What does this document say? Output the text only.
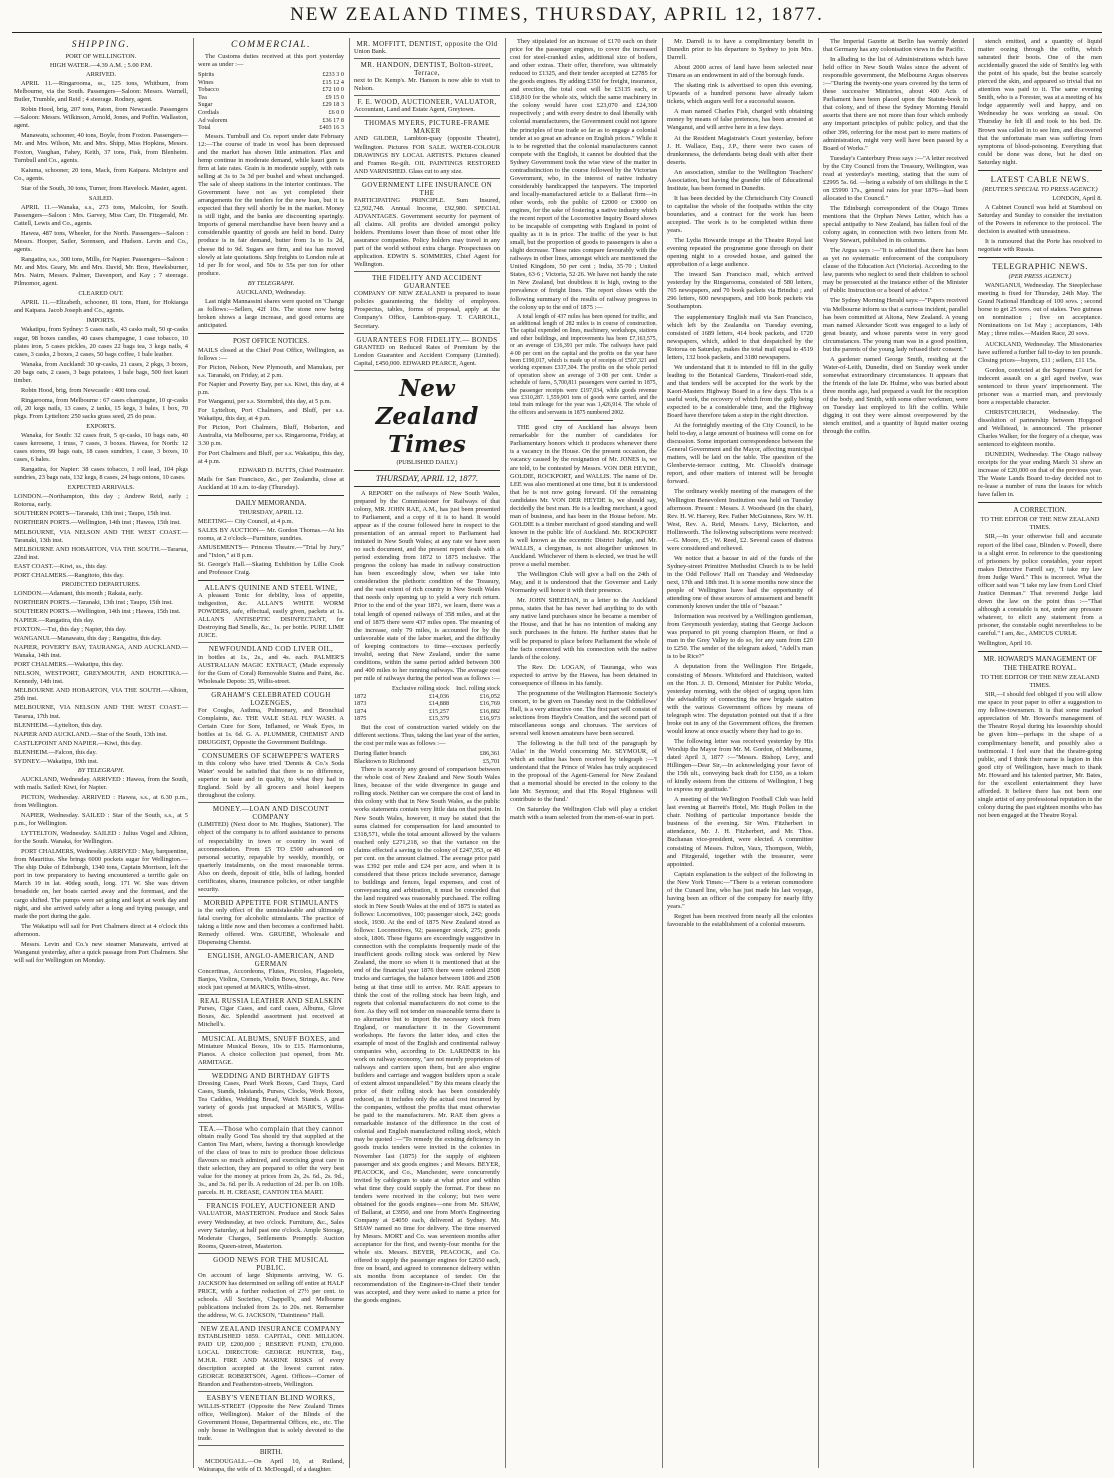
NEW ZEALAND TIMES, THURSDAY, APRIL 12, 1877.
SHIPPING.
PORT OF WELLINGTON.
HIGH WATER.—4.39 A.M. ; 5.00 P.M.
ARRIVED.

APRIL 11.—Ringarooma, ss., 125 tons, Whitburn, from Melbourne, via the South. Passengers—Saloon: Messrs. Warnell, Butler, Trumble, and Reid ; 4 steerage. Rodney, agent.

Robin Hood, brig, 207 tons, Paton, from Newcastle. Passengers—Saloon: Messrs. Wilkinson, Arnold, Jones, and Poffin. Wallaston, agent.

Manawatu, schooner, 40 tons, Boyle, from Foxton. Passengers—Mr. and Mrs. Wilson, Mr. and Mrs. Shipp, Miss Hopkins, Messrs. Foxton, Vaughan, Fahey, Keith, 37 tons, Fisk, from Blenheim. Turnbull and Co., agents.

Kaiuma, schooner, 20 tons, Mack, from Kaipara. McIntyre and Co., agents.

Star of the South, 30 tons, Turner, from Havelock. Master, agent.

SAILED.

APRIL 11.—Wanaka, s.s., 273 tons, Malcolm, for South. Passengers—Saloon : Mrs. Garvey, Miss Carr, Dr. Fitzgerald, Mr. Cattell, Lewis and Co., agents.

Hawea, 487 tons, Wheeler, for the North. Passengers—Saloon : Messrs. Hooper, Sailer, Sorensen, and Hudson. Levin and Co., agents.

Rangatira, s.s., 300 tons, Mills, for Napier. Passengers—Saloon : Mr. and Mrs. Geary, Mr. and Mrs. David, Mr. Bros, Hawksburner, Mrs. Nairn, Messrs. Palmer, Davenport, and Kay ; 7 steerage. Pilmomor, agent.

CLEARED OUT.

APRIL 11.—Elizabeth, schooner, 81 tons, Hunt, for Hokianga and Kaipara. Jacob Joseph and Co., agents.

IMPORTS.

Wakatipu, from Sydney: 5 cases nails, 43 casks malt, 50 qr-casks sugar, 98 boxes candles, 40 cases champagne, 1 case tobacco, 10 plates iron, 5 cases pickles, 20 cases 22 bags tea, 3 kegs nails, 4 cases, 3 casks, 2 boxes, 2 cases, 50 bags coffee, 1 bale leather.

Wanaka, from Auckland: 30 qr-casks, 21 cases, 2 pkgs, 3 boxes, 20 bags oats, 2 cases, 3 bags potatoes, 1 bale bags, 500 feet kauri timber.

Robin Hood, brig, from Newcastle : 400 tons coal.

Ringarooma, from Melbourne : 67 cases champagne, 10 qr-casks oil, 20 kegs nails, 13 cases, 2 tanks, 15 kegs, 3 bales, 1 box, 70 pkgs. From Lyttelton: 250 sacks grass seed, 25 do peas.

EXPORTS.

Wanaka, for South: 32 cases fruit, 5 qr-casks, 10 bags oats, 40 cases kerosene, 1 truss, 7 cases, 3 boxes. Hawea, for North: 12 cases stores, 99 bags oats, 18 cases sundries, 1 case, 3 boxes, 10 cases, 6 bales.

Rangatira, for Napier: 38 cases tobacco, 1 roll lead, 104 pkgs sundries, 23 bags oats, 132 kegs, 8 cases, 24 bags onions, 10 cases.

EXPECTED ARRIVALS.

LONDON.—Northampton, this day ; Andrew Reid, early ; Rotorua, early.

SOUTHERN PORTS—Taranaki, 13th inst ; Taupo, 15th inst.

NORTHERN PORTS.—Wellington, 14th inst ; Hawea, 15th inst.

MELBOURNE, VIA NELSON AND THE WEST COAST.—Taranaki, 13th inst.

MELBOURNE AND HOBARTON, VIA THE SOUTH.—Tararua, 22nd inst.

EAST COAST.—Kiwi, ss., this day.

PORT CHALMERS.—Rangitoto, this day.

PROJECTED DEPARTURES.

LONDON.—Adamant, this month ; Rakaia, early.

NORTHERN PORTS.—Taranaki, 13th inst ; Taupo, 15th inst.

SOUTHERN PORTS.—Wellington, 14th inst ; Hawea, 15th inst.

NAPIER.—Rangatira, this day.

FOXTON.—Tui, this day ; Napier, this day.

WANGANUI.—Manawatu, this day ; Rangatira, this day.

NAPIER, POVERTY BAY, TAURANGA, AND AUCKLAND.—Wanaka, 14th inst.

PORT CHALMERS.—Wakatipu, this day.

NELSON, WESTPORT, GREYMOUTH, AND HOKITIKA.—Kennedy, 14th inst.

MELBOURNE AND HOBARTON, VIA THE SOUTH.—Albion, 25th inst.

MELBOURNE, VIA NELSON AND THE WEST COAST.—Tararua, 17th inst.

BLENHEIM.—Lyttelton, this day.

NAPIER AND AUCKLAND.—Star of the South, 13th inst.

CASTLEPOINT AND NAPIER.—Kiwi, this day.

BLENHEIM.—Falcon, this day.

SYDNEY.—Wakatipu, 19th inst.

BY TELEGRAPH.

AUCKLAND, Wednesday. ARRIVED : Hawea, from the South, with mails. Sailed: Kiwi, for Napier.

PICTON, Wednesday. ARRIVED : Hawea, s.s., at 6.30 p.m., from Wellington.

NAPIER, Wednesday. SAILED : Star of the South, s.s., at 5 p.m., for Wellington.

LYTTELTON, Wednesday. SAILED : Julius Vogel and Albion, for the South. Wanaka, for Wellington.

PORT CHALMERS, Wednesday. ARRIVED : May, barquentine, from Mauritius. She brings 6000 pockets sugar for Wellington.—The ship Duke of Edinburgh, 1340 tons, Captain Morrison, left the port in tow preparatory to having encountered a terrific gale on March 19 in lat. 40deg south, long. 171 W. She was driven broadside on, her boats carried away and the foremast, and the cargo shifted. The pumps were set going and kept at work day and night, and she arrived safely after a long and trying passage, and made the port during the gale.

The Wakatipu will sail for Port Chalmers direct at 4 o'clock this afternoon.

Messrs. Levin and Co.'s new steamer Manawatu, arrived at Wanganui yesterday, after a quick passage from Port Chalmers. She will sail for Wellington on Monday.

COMMERCIAL.

The Customs duties received at this port yesterday were as under :—

Spirits	£233 3 0
Wines	£15 12 4
Tobacco	£72 10 0
Tea	£9 15 0
Sugar	£29 18 3
Cordials	£6 0 0
Ad valorem	£36 17 8
Total	£403 16 3

Messrs. Turnbull and Co. report under date February 12:—The course of trade in wool has been depressed and the market has shown little animation. Flax and hemp continue in moderate demand, while kauri gum is firm at late rates. Grain is in moderate supply, with oats selling at 3s to 3s 3d per bushel and wheat unchanged. The sale of sheep stations in the interior continues. The Government have not as yet completed their arrangements for the tenders for the new loan, but it is expected that they will shortly be in the market. Money is still tight, and the banks are discounting sparingly. Imports of general merchandise have been heavy and a considerable quantity of goods are held in bond. Dairy produce is in fair demand, butter from 1s to 1s 2d, cheese 8d to 9d. Sugars are firm, and tea has moved slowly at late quotations. Ship freights to London rule at 1d per lb for wool, and 50s to 55s per ton for other produce.

BY TELEGRAPH.
AUCKLAND, Wednesday.

Last night Mannassini shares were quoted on 'Change as follows:—Sellers, 42f 10s. The stone now being broken shows a large increase, and good returns are anticipated.

POST OFFICE NOTICES.

MAILS closed at the Chief Post Office, Wellington, as follows :—

For Picton, Nelson, New Plymouth, and Manukau, per s.s. Taranaki, on Friday, at 2 p.m.

For Napier and Poverty Bay, per s.s. Kiwi, this day, at 4 p.m.

For Wanganui, per s.s. Stormbird, this day, at 5 p.m.

For Lyttelton, Port Chalmers, and Bluff, per s.s. Wakatipu, this day, at 4 p.m.

For Picton, Port Chalmers, Bluff, Hobarton, and Australia, via Melbourne, per s.s. Ringarooma, Friday, at 3.30 p.m.

For Port Chalmers and Bluff, per s.s. Wakatipu, this day, at 4 p.m.

EDWARD D. BUTTS, Chief Postmaster.

Mails for San Francisco, &c., per Zealandia, close at Auckland at 10 a.m. to-day (Thursday).

DAILY MEMORANDA.
THURSDAY, APRIL 12.

MEETING— City Council, at 4 p.m.

SALES BY AUCTION— Mr. Gordon Thomas.—At his rooms, at 2 o'clock—Furniture, sundries.

AMUSEMENTS— Princess Theatre.—"Trial by Jury," and "Ixion," at 8 p.m.

St. George's Hall.—Skating Exhibition by Lillie Cook and Professor Craig.

ALLAN'S QUININE AND STEEL WINE,
A pleasant Tonic for debility, loss of appetite, indigestion, &c. ALLAN'S WHITE WORM POWDERS, safe, effectual, easily given, packets at 1s. ALLAN'S ANTISEPTIC DISINFECTANT, for Destroying Bad Smells, &c., 1s. per bottle. PURE LIME JUICE.
NEWFOUNDLAND COD LIVER OIL,
in bottles at 1s., 2s., and 4s. each. PALMER'S AUSTRALIAN MAGIC EXTRACT, (Made expressly for the Gum of Coral) Removable Stains and Paint, &c. Wholesale Depots: 35, Willis-street.
GRAHAM'S CELEBRATED COUGH LOZENGES,
For Coughs, Asthma, Pulmonary, and Bronchial Complaints, &c. THE VALE SEAL FLY WASH. A Certain Cure for Sore, Inflamed, or Weak Eyes, in bottles at 1s. 6d. G. A. PLUMMER, CHEMIST AND DRUGGIST, Opposite the Government Buildings.
CONSUMERS OF SCHWEPPE'S WATERS
in this colony who have tried 'Dennis & Co.'s Soda Water' would be satisfied that there is no difference, superior in taste and in quality, to what they had in England. Sold by all grocers and hotel keepers throughout the colony.
MONEY.—LOAN AND DISCOUNT COMPANY
(LIMITED) (Next door to Mr. Hughes, Stationer). The object of the company is to afford assistance to persons of respectability in town or country in want of accommodation. From £5 TO £500 advanced on personal security, repayable by weekly, monthly, or quarterly instalments, on the most reasonable terms. Also on deeds, deposit of title, bills of lading, bonded certificates, shares, insurance policies, or other tangible security.
MORBID APPETITE FOR STIMULANTS
is the only effect of the unmistakeable and ultimately fatal craving for alcoholic stimulants. The practice of taking a little now and then becomes a confirmed habit. Remedy offered. Wm. GRUEBE, Wholesale and Dispensing Chemist.
ENGLISH, ANGLO-AMERICAN, AND GERMAN
Concertinas, Accordeons, Flutes, Piccolos, Flageolets, Banjos, Violins, Cornets, Violin Bows, Strings, &c. New stock just opened at MARK'S, Willis-street.
REAL RUSSIA LEATHER AND SEALSKIN
Purses, Cigar Cases, and card cases, Albums, Glove Boxes, &c. Splendid assortment just received at Mitchell's.
MUSICAL ALBUMS, SNUFF BOXES, and
Miniature Musical Boxes, 10s to £15. Harmoniums, Pianos. A choice collection just opened, from Mr. ARMITAGE.
WEDDING AND BIRTHDAY GIFTS
Dressing Cases, Pearl Work Boxes, Card Trays, Card Cases, Stands, Inkstands, Purses, Clocks, Work Boxes, Tea Caddies, Wedding Bread, Watch Stands. A great variety of goods just unpacked at MARK'S, Willis-street.
TEA.—Those who complain that they cannot
obtain really Good Tea should try that supplied at the Canton Tea Mart, where, having a thorough knowledge of the class of teas to mix to produce those delicious flavours so much admired, and exercising great care in their selection, they are prepared to offer the very best value for the money at prices from 2s, 2s. 6d., 2s. 9d., 3s., and 3s. 6d. per lb. A reduction of 2d. per lb. on 10lb. parcels. H. H. CREASE, CANTON TEA MART.
FRANCIS FOLEY, AUCTIONEER AND
VALUATOR, MASTERTON. Produce and Stock Sales every Wednesday, at two o'clock. Furniture, &c., Sales every Saturday, at half past one o'clock. Ample Storage, Moderate Charges, Settlements Promptly. Auction Rooms, Queen-street, Masterton.
GOOD NEWS FOR THE MUSICAL PUBLIC.
On account of large Shipments arriving, W. G. JACKSON has determined on selling off entire at HALF PRICE, with a further reduction of 27½ per cent. to schools. All Societies, Chappell's, and Melbourne publications included from 2s. to 20s. net. Remember the address, W. G. JACKSON, "Daintiness" Hall.
NEW ZEALAND INSURANCE COMPANY
ESTABLISHED 1859. CAPITAL, ONE MILLION. PAID UP, £200,000 ; RESERVE FUND, £70,000. LOCAL DIRECTOR: GEORGE HUNTER, Esq., M.H.R. FIRE AND MARINE RISKS of every description accepted at the lowest current rates. GEORGE ROBERTSON, Agent. Offices—Corner of Brandon and Featherston-streets, Wellington.
EASBY'S VENETIAN BLIND WORKS,
WILLIS-STREET (Opposite the New Zealand Times office, Wellington). Maker of the Blinds of the Government House, Departmental Offices, etc., etc. The only house in Wellington that is solely devoted to the trade.
BIRTH.

MCDOUGALL.—On April 10, at Rutland, Wairarapa, the wife of D. McDougall, of a daughter.

MR. MOFFITT, DENTIST, opposite the Old
Union Bank.
MR. HANDON, DENTIST, Bolton-street, Terrace,
next to Dr. Kemp's. Mr. Hanson is now able to visit to Nelson.
F. E. WOOD, AUCTIONEER, VALUATOR,
Accountant, Land and Estate Agent, Greytown.
THOMAS MYERS, PICTURE-FRAME MAKER
AND GILDER, Lambton-quay (opposite Theatre), Wellington. Pictures FOR SALE. WATER-COLOUR DRAWINGS BY LOCAL ARTISTS. Pictures cleaned and Frames Re-gilt. OIL PAINTINGS RESTORED AND VARNISHED. Glass cut to any size.
GOVERNMENT LIFE INSURANCE ON THE
PARTICIPATING PRINCIPLE. Sum Insured, £2,502,748. Annual Income, £92,980. SPECIAL ADVANTAGES. Government security for payment of all claims. All profits are divided amongst policy holders. Premiums lower than those of most other life assurance companies. Policy holders may travel in any part of the world without extra charge. Prospectuses on application. EDWIN S. SOMMERS, Chief Agent for Wellington.
THE FIDELITY AND ACCIDENT GUARANTEE
COMPANY OF NEW ZEALAND is prepared to issue policies guaranteeing the fidelity of employees. Prospectus, tables, forms of proposal, apply at the Company's Office, Lambton-quay. T. CARROLL, Secretary.
GUARANTEES FOR FIDELITY.— BONDS
GRANTED on Reduced Rates of Premium by the London Guarantee and Accident Company (Limited). Capital, £450,000. EDWARD PEARCE, Agent.
New Zealand Times
(PUBLISHED DAILY.)
THURSDAY, APRIL 12, 1877.

A REPORT on the railways of New South Wales, prepared by the Commissioner for Railways of that colony, MR. JOHN RAE, A.M., has just been presented to Parliament, and a copy of it is to hand. It would appear as if the course followed here in respect to the presentation of an annual report to Parliament had imitated in New South Wales; at any rate we have seen no such document, and the present report deals with a period extending from 1872 to 1875 inclusive. The progress the colony has made in railway construction has been exceedingly slow, when we take into consideration the plethoric condition of the Treasury, and the vast extent of rich country in New South Wales that needs only opening up to yield a very rich return. Prior to the end of the year 1871, we learn, there was a total length of opened railways of 358 miles, and at the end of 1875 there were 437 miles open. The meaning of the increase, only 79 miles, is accounted for by the unfavorable state of the labor market, and the difficulty of keeping contractors to time—excuses perfectly invalid, seeing that New Zealand, under the same conditions, within the same period added between 300 and 400 miles to her running railways. The average cost per mile of railways during the period was as follows :—

Exclusive rolling stock	Incl. rolling stock
1872	£14,036	£16,052
1873	£14,888	£16,769
1874	£15,257	£16,882
1875	£15,379	£16,973

But the cost of construction varied widely on the different sections. Thus, taking the last year of the series, the cost per mile was as follows :—

During flatter branch	£86,361
Blacktown to Richmond	£5,701

There is scarcely any ground of comparison between the whole cost of New Zealand and New South Wales lines, because of the wide divergence in gauge and rolling stock. Neither can we compare the cost of land in this colony with that in New South Wales, as the public works statements contain very little data on that point. In New South Wales, however, it may be stated that the sums claimed for compensation for land amounted to £318,571, while the total amount allowed by the valuers reached only £271,218, so that the variance on the claims effected a saving to the colony of £247,353, or 48 per cent. on the amount claimed. The average price paid was £392 per mile and £24 per acre, and when it is considered that these prices include severance, damage to buildings and fences, legal expenses, and cost of conveyancing and arbitration, it must be conceded that the land required was reasonably purchased. The rolling stock in New South Wales at the end of 1875 is stated as follows: Locomotives, 100; passenger stock, 242; goods stock, 1930. At the end of 1875 New Zealand stood as follows: Locomotives, 92; passenger stock, 275; goods stock, 1806. These figures are exceedingly suggestive in connection with the complaints frequently made of the insufficient goods rolling stock was ordered by New Zealand, the more so when it is mentioned that at the end of the financial year 1876 there were ordered 2508 trucks and carriages, the balance between 1806 and 2508 being at that time still to arrive. Mr. RAE appears to think the cost of the rolling stock has been high, and regrets that colonial manufacturers do not come to the fore. As they will not tender on reasonable terms there is no alternative but to import the necessary stock from England, or manufacture it in the Government workshops. He favors the latter idea, and cites the example of most of the English and continental railway companies who, according to Dr. LARDNER in his work on railway economy, "are not merely proprietors of railways and carriers upon them, but are also engine builders and carriage and waggon builders upon a scale of extent almost unparalleled." By this means clearly the price of their rolling stock has been considerably reduced, as it includes only the actual cost incurred by the companies, without the profits that must otherwise be paid to the manufacturers. Mr. RAE then gives a remarkable instance of the difference in the cost of colonial and English manufactured rolling stock, which may be quoted :—"To remedy the existing deficiency in goods trucks tenders were invited in the colonies in November last (1875) for the supply of eighteen passenger and six goods engines ; and Messrs. BEYER, PEACOCK, and Co., Manchester, were concurrently invited by cablegram to state at what price and within what time they could supply the format. For these no tenders were received in the colony; but two were obtained for the goods engines—one from Mr. SHAW, of Ballarat, at £3950, and one from Mort's Engineering Company at £4050 each, delivered at Sydney. Mr. SHAW named no time for delivery. The time reserved by Messrs. MORT and Co. was seventeen months after acceptance for the first, and twenty-four months for the whole six. Messrs. BEYER, PEACOCK, and Co. offered to supply the passenger engines for £2650 each, free on board, and agreed to commence delivery within six months from acceptance of tender. On the recommendation of the Engineer-in-Chief their tender was accepted, and they were asked to name a price for the goods engines.

They stipulated for an increase of £170 each on their price for the passenger engines, to cover the increased cost for steel-cranked axles, additional size of boilers, and other extras. Their offer, therefore, was ultimately reduced to £1325, and their tender accepted at £2785 for the goods engines. By adding £350 for freight, insurance, and erection, the total cost will be £3135 each, or £18,810 for the whole six, which the same machinery in the colony would have cost £23,070 and £24,300 respectively ; and with every desire to deal liberally with colonial manufacturers, the Government could not ignore the principles of true trade so far as to engage a colonial tender at so great an advance on English prices." While it is to be regretted that the colonial manufacturers cannot compete with the English, it cannot be doubted that the Sydney Government took the wise view of the matter in contradistinction to the course followed by the Victorian Government, who, in the interest of native industry considerably handicapped the taxpayers. The imported and locally-manufactured article to a Ballarat firm—in other words, rob the public of £2000 or £3000 on engines, for the sake of fostering a native industry which the recent report of the Locomotive Inquiry Board shows to be incapable of competing with England in point of quality as it is in price. The traffic of the year is but small, but the proportion of goods to passengers is also a slight decrease. These rates compare favourably with the railways in other lines, amongst which are mentioned the United Kingdom, 50 per cent ; India, 35·70 ; United States, 63·6 ; Victoria, 52·26. We have not handy the rate in New Zealand, but doubtless it is high, owing to the prevalence of freight lines. The report closes with the following summary of the results of railway progress in the colony up to the end of 1875 :—

A total length of 437 miles has been opened for traffic, and an additional length of 282 miles is in course of construction. The capital expended on lines, machinery, workshops, stations and other buildings, and improvements has been £7,163,575, or an average of £16,391 per mile. The railways have paid 4·00 per cent on the capital and the profits on the year have been £190,017, which is made up of receipts of £507,321 and working expenses £337,304. The profits on the whole period of operation show an average of 3·08 per cent. Under a schedule of fares, 5,700,811 passengers were carried in 1875, the passenger receipts were £197,034, while goods revenue was £310,287. 1,559,901 tons of goods were carried, and the total train mileage for the year was 1,426,914. The whole of the officers and servants in 1875 numbered 2002.

THE good city of Auckland has always been remarkable for the number of candidates for Parliamentary honors which it produces whenever there is a vacancy in the House. On the present occasion, the vacancy caused by the resignation of Mr. JONES is, we are told, to be contested by Messrs. VON DER HEYDE, GOLDIE, ROCKPORT, and WALLIS. The name of Dr. LEE was also mentioned at one time, but it is understood that he is not now going forward. Of the remaining candidates Mr. VON DER HEYDE is, we should say, decidedly the best man. He is a leading merchant, a good man of business, and has been in the House before. Mr. GOLDIE is a timber merchant of good standing and well known in the public life of Auckland. Mr. ROCKPORT is well known as the eccentric District Judge, and Mr. WALLIS, a clergyman, is not altogether unknown in Auckland. Whichever of them is elected, we trust he will prove a useful member.

The Wellington Club will give a ball on the 24th of May, and it is understood that the Governor and Lady Normanby will honor it with their presence.

Mr. JOHN SHEEHAN, in a letter to the Auckland press, states that he has never had anything to do with any native land purchases since he became a member of the House, and that he has no intention of making any such purchases in the future. He further states that he will be prepared to place before Parliament the whole of the facts connected with his connection with the native lands of the colony.

The Rev. Dr. LOGAN, of Tauranga, who was expected to arrive by the Hawea, has been detained in consequence of illness in his family.

The programme of the Wellington Harmonic Society's concert, to be given on Tuesday next in the Oddfellows' Hall, is a very attractive one. The first part will consist of selections from Haydn's Creation, and the second part of miscellaneous songs and choruses. The services of several well known amateurs have been secured.

The following is the full text of the paragraph by 'Atlas' in the World concerning Mr. SEYMOUR, of which an outline has been received by telegraph :—'I understand that the Prince of Wales has truly acquiesced in the proposal of the Agent-General for New Zealand that a memorial should be erected in the colony to the late Mr. Seymour, and that His Royal Highness will contribute to the fund.'

On Saturday the Wellington Club will play a cricket match with a team selected from the men-of-war in port.

Mr. Darrell is to have a complimentary benefit in Dunedin prior to his departure to Sydney to join Mrs. Darrell.

About 2000 acres of land have been selected near Timaru as an endowment in aid of the borough funds.

The skating rink is advertised to open this evening. Upwards of a hundred persons have already taken tickets, which augurs well for a successful season.

A man named Charles Fish, charged with obtaining money by means of false pretences, has been arrested at Wanganui, and will arrive here in a few days.

At the Resident Magistrate's Court yesterday, before J. H. Wallace, Esq., J.P., there were two cases of drunkenness, the defendants being dealt with after their deserts.

An association, similar to the Wellington Teachers' Association, but having the grander title of Educational Institute, has been formed in Dunedin.

It has been decided by the Christchurch City Council to capitalise the whole of the footpaths within the city boundaries, and a contract for the work has been accepted. The work is to be completed within three years.

The Lydia Howarde troupe at the Theatre Royal last evening repeated the programme gone through on their opening night to a crowded house, and gained the approbation of a large audience.

The inward San Francisco mail, which arrived yesterday by the Ringarooma, consisted of 580 letters, 765 newspapers, and 70 book packets via Brindisi ; and 296 letters, 600 newspapers, and 100 book packets via Southampton.

The supplementary English mail via San Francisco, which left by the Zealandia on Tuesday evening, consisted of 1689 letters, 414 book packets, and 1720 newspapers, which, added to that despatched by the Rotorua on Saturday, makes the total mail equal to 4519 letters, 132 book packets, and 3180 newspapers.

We understand that it is intended to fill in the gully leading to the Botanical Gardens, Tinakori-road side, and that tenders will be accepted for the work by the Kaori-Masters Highway Board in a few days. This is a useful work, the recovery of which from the gully being expected to be a considerable time, and the Highway Board have therefore taken a step in the right direction.

At the fortnightly meeting of the City Council, to be held to-day, a large amount of business will come on for discussion. Some important correspondence between the General Government and the Mayor, affecting municipal matters, will be laid on the table. The question of the Glenbervie-terrace cutting, Mr. Clissold's drainage report, and other matters of interest will be brought forward.

The ordinary weekly meeting of the managers of the Wellington Benevolent Institution was held on Tuesday afternoon. Present : Messrs. J. Woodward (in the chair), Rev. H. W. Harvey, Rev. Father McGuinness, Rev. W. H. West, Rev. A. Reid, Messrs. Levy, Bickerton, and Hollinworth. The following subscriptions were received:—G. Moore, £5 ; W. Reed, £2. Several cases of distress were considered and relieved.

We notice that a bazaar in aid of the funds of the Sydney-street Primitive Methodist Church is to be held in the Odd Fellows' Hall on Tuesday and Wednesday next, 17th and 18th inst. It is some months now since the people of Wellington have had the opportunity of attending one of these sources of amusement and benefit commonly known under the title of "bazaar."

Information was received by a Wellington gentleman, from Greymouth yesterday, stating that George Jackson was prepared to pit young champion Hearn, or find a man in the Grey Valley to do so, for any sum from £20 to £250. The sender of the telegram asked, "Adell's man is to be Rice?"

A deputation from the Wellington Fire Brigade, consisting of Messrs. Whiteford and Hutchison, waited on the Hon. J. D. Ormond, Minister for Public Works, yesterday morning, with the object of urging upon him the advisability of connecting the new brigade station with the various Government offices by means of telegraph wire. The deputation pointed out that if a fire broke out in any of the Government offices, the firemen would know at once exactly where they had to go to.

The following letter was received yesterday by His Worship the Mayor from Mr. M. Gordon, of Melbourne, dated April 3, 1877 :—"Messrs. Bishop, Levy, and Hillingen—Dear Sir,—In acknowledging your favor of the 15th ult., conveying back draft for £150, as a token of kindly esteem from the citizens of Wellington, I beg to express my gratitude."

A meeting of the Wellington Football Club was held last evening at Barrett's Hotel, Mr. Hugh Pollen in the chair. Nothing of particular importance beside the business of the evening. Sir Wm. Fitzherbert in attendance, Mr. J. H. Fitzherbert, and Mr. Thos. Buchanan vice-president, were elected. A committee consisting of Messrs. Fulton, Vaux, Thompson, Webb, and Fitzgerald, together with the treasurer, were appointed.

Captain explanation is the subject of the following in the New York Times:—"There is a veteran commodore of the Cunard line, who has just made his last voyage, having been an officer of the company for nearly fifty years."

Regret has been received from nearly all the colonies favourable to the establishment of a colonial museum.

The Imperial Gazette at Berlin has warmly denied that Germany has any colonisation views in the Pacific.

In alluding to the list of Administrations which have held office in New South Wales since the advent of responsible government, the Melbourne Argus observes :—"During the twenty-one years covered by the term of these successive Ministries, about 400 Acts of Parliament have been placed upon the Statute-book in that colony, and of these the Sydney Morning Herald asserts that there are not more than four which embody any important principles of public policy, and that the other 396, referring for the most part to mere matters of administration, might very well have been passed by a Board of Works."

Tuesday's Canterbury Press says :—"A letter received by the City Council from the Treasury, Wellington, was read at yesterday's meeting, stating that the sum of £2995 5s. 6d. —being a subsidy of ten shillings in the £ on £5990 17s., general rates for year 1876—had been allocated to the Council."

The Edinburgh correspondent of the Otago Times mentions that the Orphan News Letter, which has a special antipathy to New Zealand, has fallen foul of the colony again, in connection with two letters from Mr. Vesey Stewart, published in its columns.

The Argus says :—"It is admitted that there has been as yet no systematic enforcement of the compulsory clause of the Education Act (Victoria). According to the law, parents who neglect to send their children to school may be prosecuted at the instance either of the Minister of Public Instruction or a board of advice."

The Sydney Morning Herald says:—"Papers received via Melbourne inform us that a curious incident, parallel has been committed at Altona, New Zealand. A young man named Alexander Scott was engaged to a lady of great beauty, and whose parents were in very good circumstances. The young man was in a good position, but the parents of the young lady refused their consent."

A gardener named George Smith, residing at the Water-of-Leith, Dunedin, died on Sunday week under somewhat extraordinary circumstances. It appears that the friends of the late Dr. Hulme, who was buried about three months ago, had prepared a vault for the reception of the body, and Smith, with some other workmen, were on Tuesday last employed to lift the coffin. While digging it out they were almost overpowered by the stench emitted, and a quantity of liquid matter oozing through the coffin.

stench emitted, and a quantity of liquid matter oozing through the coffin, which saturated their boots. One of the men accidentally grazed the side of Smith's leg with the point of his spade, but the bruise scarcely pierced the skin, and appeared so trivial that no attention was paid to it. The same evening Smith, who is a Forester, was at a meeting of his lodge apparently well and happy, and on Wednesday he was working as usual. On Thursday he felt ill and took to his bed. Dr. Brown was called in to see him, and discovered that the unfortunate man was suffering from symptoms of blood-poisoning. Everything that could be done was done, but he died on Saturday night.

LATEST CABLE NEWS.
(REUTER'S SPECIAL TO PRESS AGENCY.)
LONDON, April 8.

A Cabinet Council was held at Stamboul on Saturday and Sunday to consider the invitation of the Powers in reference to the protocol. The decision is awaited with uneasiness.

It is rumoured that the Porte has resolved to negotiate with Russia.

TELEGRAPHIC NEWS.
(PER PRESS AGENCY.)

WANGANUI, Wednesday. The Steeplechase meeting is fixed for Thursday, 24th May. The Grand National Handicap of 100 sovs. ; second horse to get 25 sovs. out of stakes. Two guineas on nomination ; five on acceptance. Nominations on 1st May ; acceptances, 14th May ; three miles.—Maiden Race, 20 sovs.

AUCKLAND, Wednesday. The Missionaries have suffered a further fall to-day to ten pounds. Closing prices—buyers, £11 ; sellers, £11 15s.

Gordon, convicted at the Supreme Court for indecent assault on a girl aged twelve, was sentenced to three years' imprisonment. The prisoner was a married man, and previously bore a respectable character.

CHRISTCHURCH, Wednesday. The dissolution of partnership between Hopgood and Wellstead, is announced. The prisoner Charles Walker, for the forgery of a cheque, was sentenced to eighteen months.

DUNEDIN, Wednesday. The Otago railway receipts for the year ending March 31 show an increase of £20,000 on that of the previous year. The Waste Lands Board to-day decided not to re-lease a number of runs the leases for which have fallen in.

A CORRECTION.
TO THE EDITOR OF THE NEW ZEALAND TIMES.

SIR,—In your otherwise full and accurate report of the libel case, Blinden v. Powell, there is a slight error. In reference to the questioning of prisoners by police constables, your report makes Detective Farrell say, "I take my law from Judge Ward." This is incorrect. What the officer said was "I take my law from Lord Chief Justice Denman." That reverend Judge laid down the law on the point thus :—"That although a constable is not, under any pressure whatever, to elicit any statement from a prisoner, the constable ought nevertheless to be careful." I am, &c., AMICUS CURIÆ.

Wellington, April 10.

MR. HOWARD'S MANAGEMENT OF THE THEATRE ROYAL.
TO THE EDITOR OF THE NEW ZEALAND TIMES.

SIR,—I should feel obliged if you will allow me space in your paper to offer a suggestion to my fellow-townsmen. It is that some marked appreciation of Mr. Howard's management of the Theatre Royal during his lesseeship should be given him—perhaps in the shape of a complimentary benefit, and possibly also a testimonial. I feel sure that the theatre-going public, and I think their name is legion in this good city of Wellington, have much to thank Mr. Howard and his talented partner, Mr. Bates, for the excellent entertainment they have afforded. It believe there has not been one single artist of any professional reputation in the colony during the past eighteen months who has not been engaged at the Theatre Royal.
